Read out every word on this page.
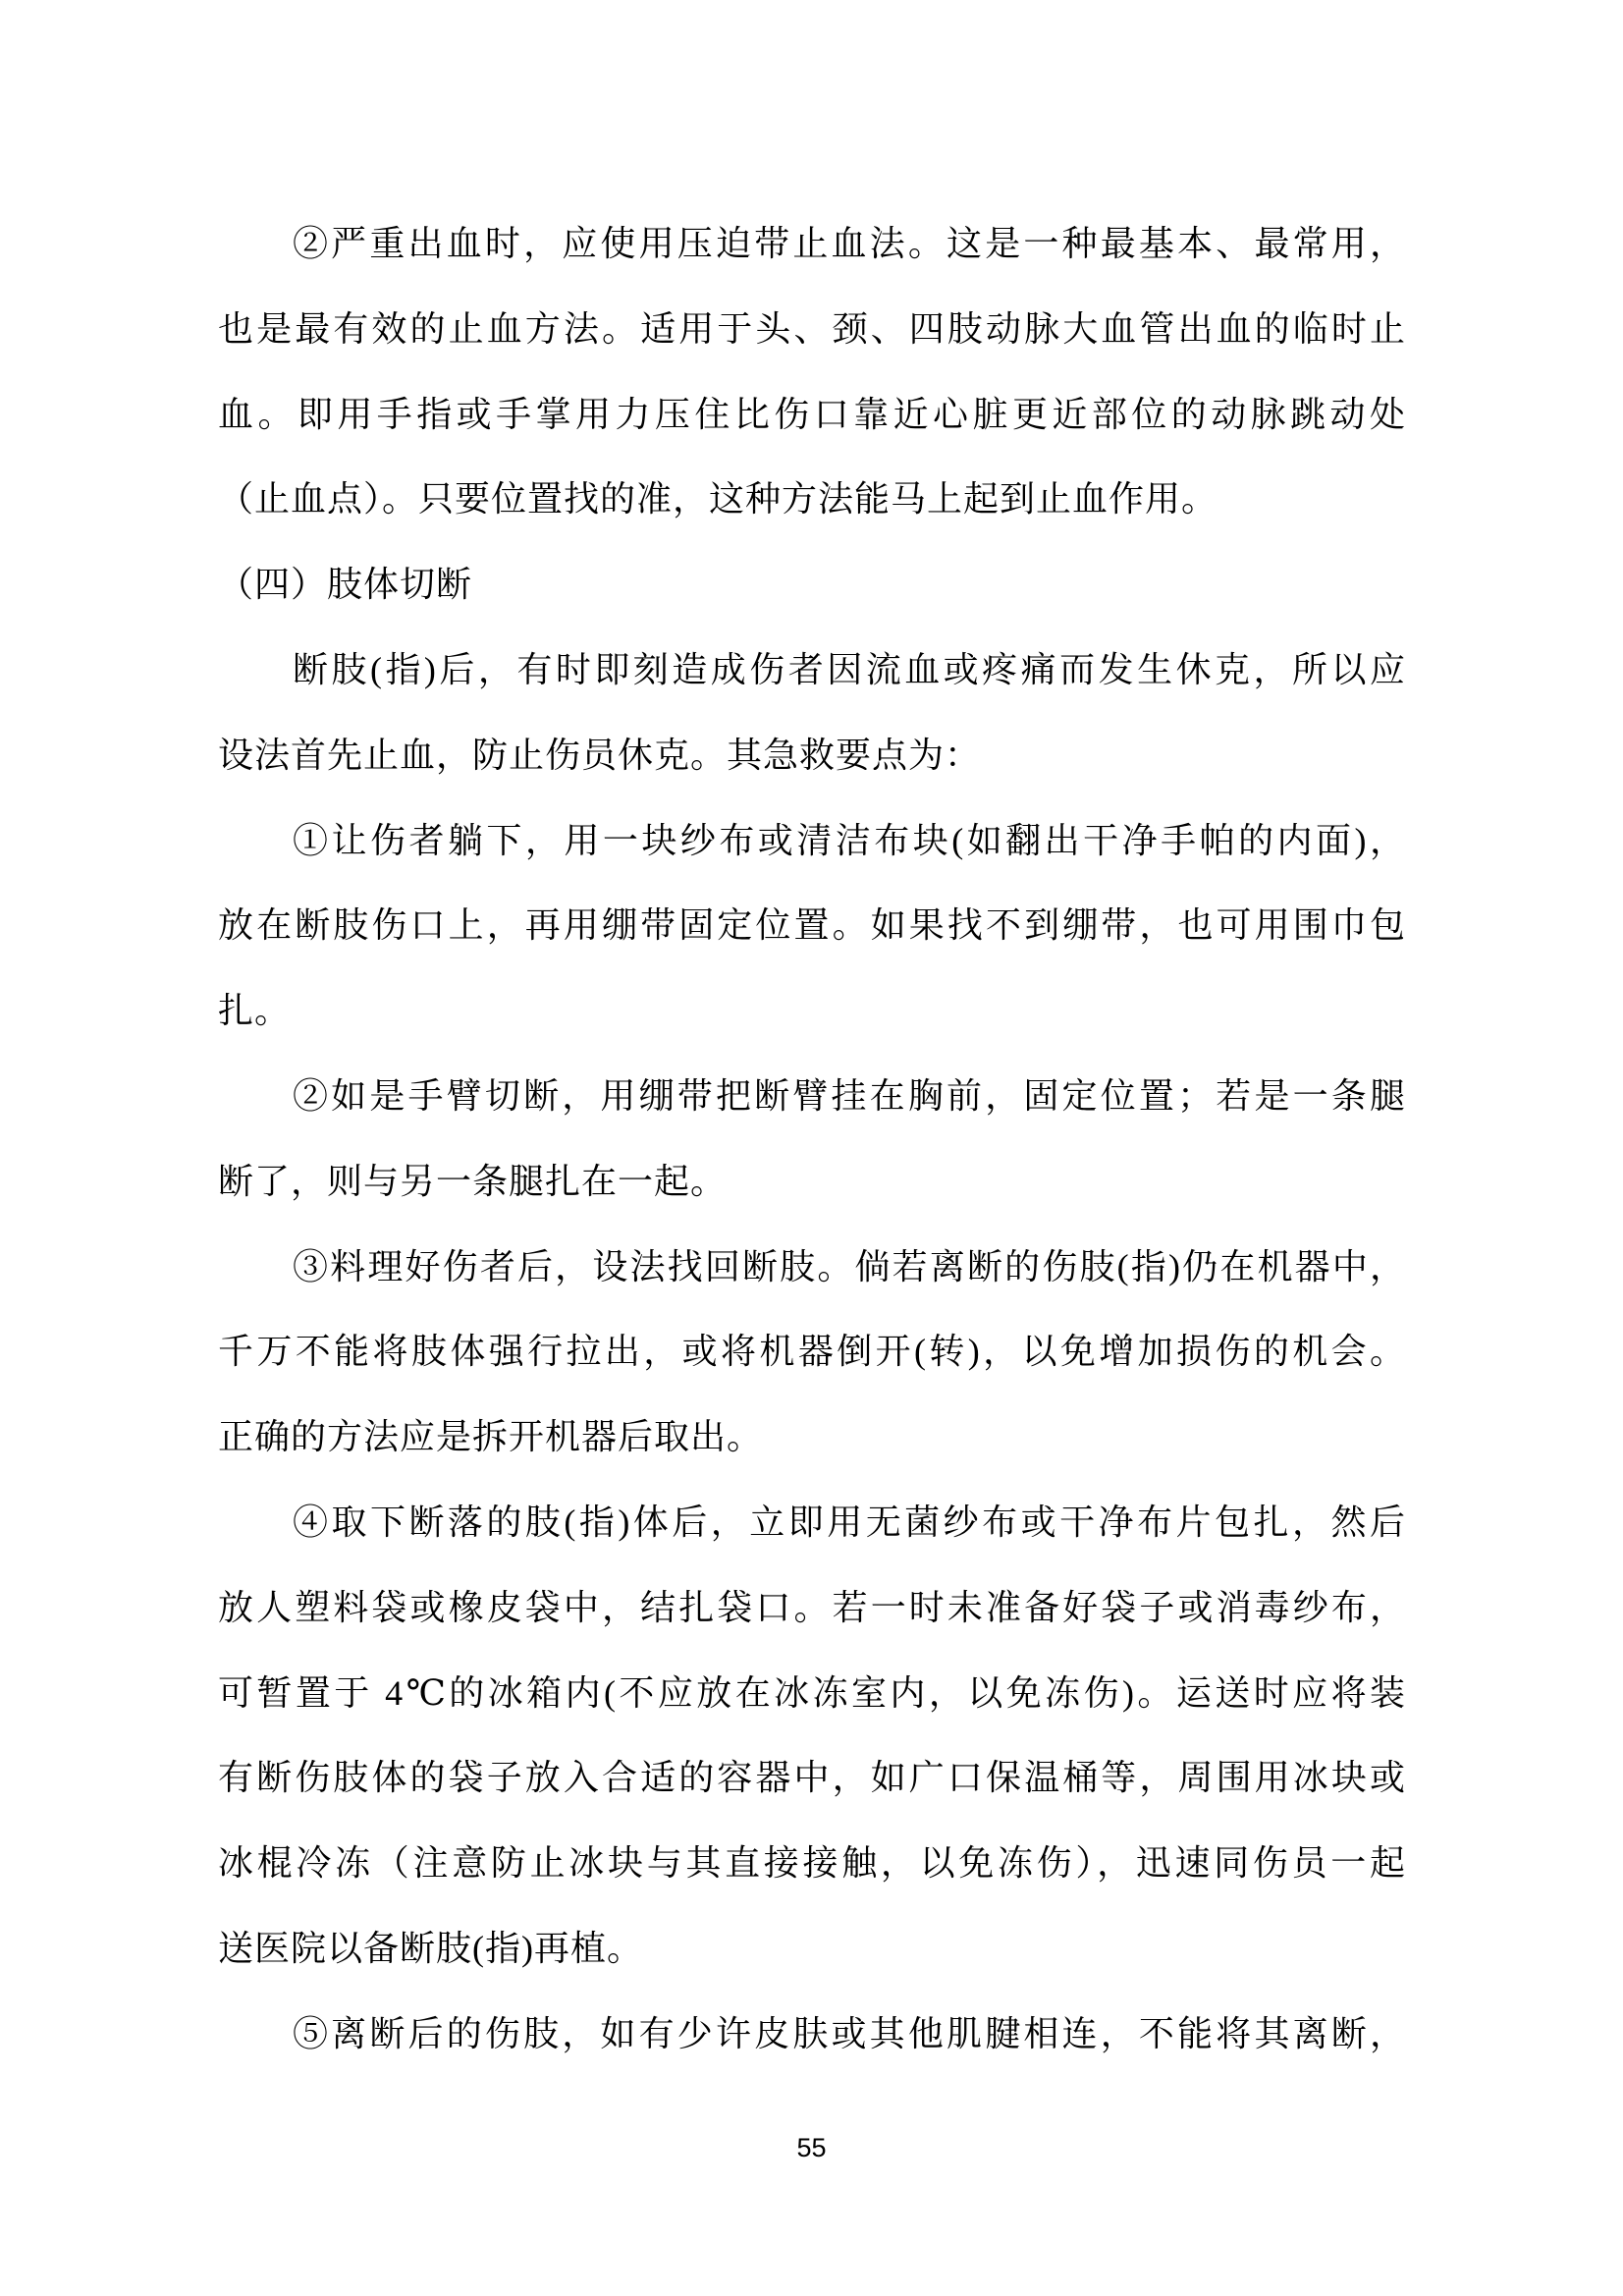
②严重出血时，应使用压迫带止血法。这是一种最基本、最常用，
也是最有效的止血方法。适用于头、颈、四肢动脉大血管出血的临时止
血。即用手指或手掌用力压住比伤口靠近心脏更近部位的动脉跳动处
（止血点）。只要位置找的准，这种方法能马上起到止血作用。
（四）肢体切断
断肢(指)后，有时即刻造成伤者因流血或疼痛而发生休克，所以应
设法首先止血，防止伤员休克。其急救要点为：
①让伤者躺下，用一块纱布或清洁布块(如翻出干净手帕的内面)，
放在断肢伤口上，再用绷带固定位置。如果找不到绷带，也可用围巾包
扎。
②如是手臂切断，用绷带把断臂挂在胸前，固定位置；若是一条腿
断了，则与另一条腿扎在一起。
③料理好伤者后，设法找回断肢。倘若离断的伤肢(指)仍在机器中，
千万不能将肢体强行拉出，或将机器倒开(转)，以免增加损伤的机会。
正确的方法应是拆开机器后取出。
④取下断落的肢(指)体后，立即用无菌纱布或干净布片包扎，然后
放人塑料袋或橡皮袋中，结扎袋口。若一时未准备好袋子或消毒纱布，
可暂置于 4℃的冰箱内(不应放在冰冻室内，以免冻伤)。运送时应将装
有断伤肢体的袋子放入合适的容器中，如广口保温桶等，周围用冰块或
冰棍冷冻（注意防止冰块与其直接接触，以免冻伤），迅速同伤员一起
送医院以备断肢(指)再植。
⑤离断后的伤肢，如有少许皮肤或其他肌腱相连，不能将其离断，
55
